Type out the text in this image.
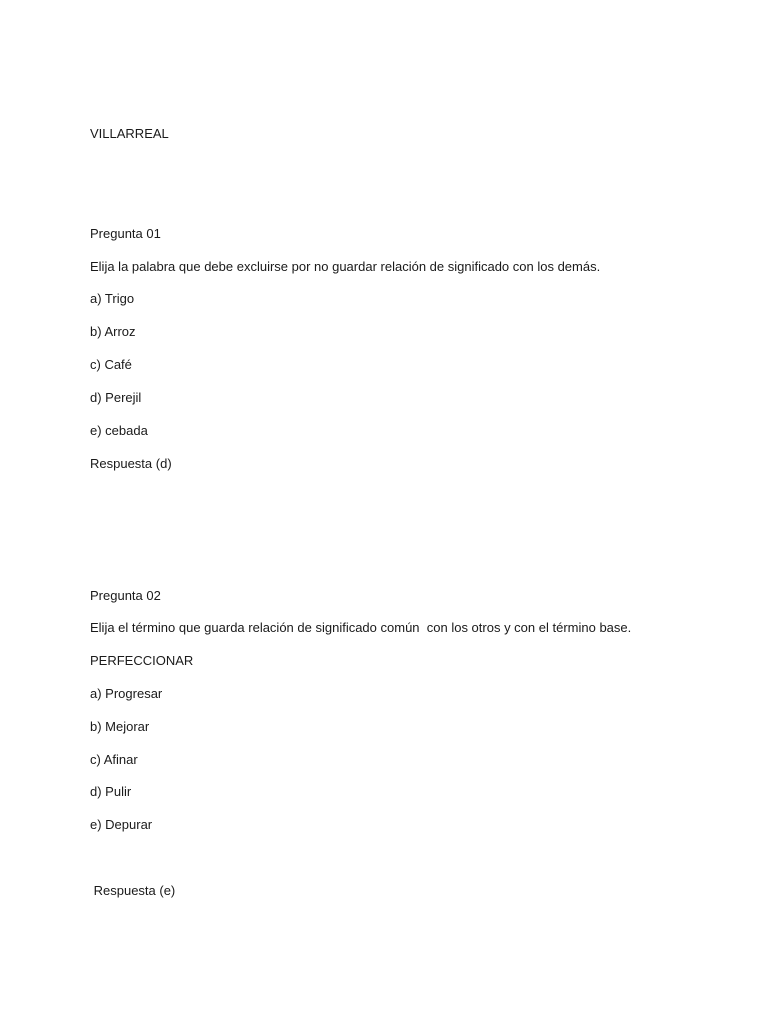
VILLARREAL
Pregunta 01
Elija la palabra que debe excluirse por no guardar relación de significado con los demás.
a) Trigo
b) Arroz
c) Café
d) Perejil
e) cebada
Respuesta (d)
Pregunta 02
Elija el término que guarda relación de significado común  con los otros y con el término base.
PERFECCIONAR
a) Progresar
b) Mejorar
c) Afinar
d) Pulir
e) Depurar
Respuesta (e)
